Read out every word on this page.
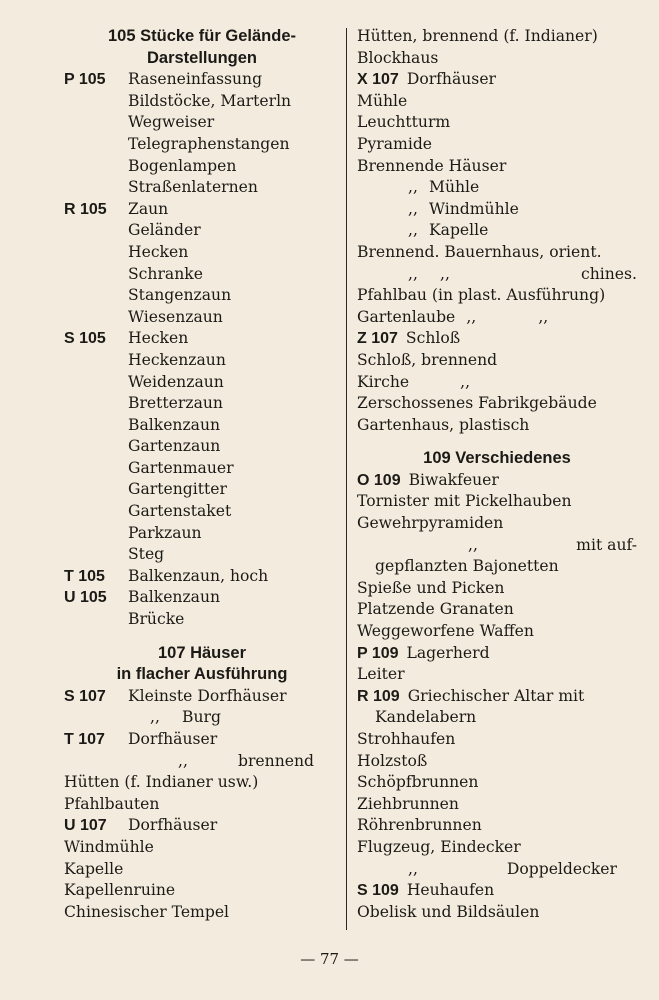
105 Stücke für Gelände-
Darstellungen
P 105 Raseneinfassung
Bildstöcke, Marterln
Wegweiser
Telegraphenstangen
Bogenlampen
Straßenlaternen
R 105 Zaun
Geländer
Hecken
Schranke
Stangenzaun
Wiesenzaun
S 105 Hecken
Heckenzaun
Weidenzaun
Bretterzaun
Balkenzaun
Gartenzaun
Gartenmauer
Gartengitter
Gartenstaket
Parkzaun
Steg
T 105 Balkenzaun, hoch
U 105 Balkenzaun
Brücke
107 Häuser
in flacher Ausführung
S 107 Kleinste Dorfhäuser
,, Burg
T 107 Dorfhäuser
,,	brennend
Hütten (f. Indianer usw.)
Pfahlbauten
U 107 Dorfhäuser
Windmühle
Kapelle
Kapellenruine
Chinesischer Tempel
Hütten, brennend (f. Indianer)
Blockhaus
X 107 Dorfhäuser
Mühle
Leuchtturm
Pyramide
Brennende Häuser
,, Mühle
,, Windmühle
,, Kapelle
Brennend. Bauernhaus, orient.
,, ,,	chines.
Pfahlbau (in plast. Ausführung)
Gartenlaube ,,	,,
Z 107 Schloß
Schloß, brennend
Kirche	,,
Zerschossenes Fabrikgebäude
Gartenhaus, plastisch
109 Verschiedenes
O 109 Biwakfeuer
Tornister mit Pickelhauben
Gewehrpyramiden
,,	mit auf-
gepflanzten Bajonetten
Spieße und Picken
Platzende Granaten
Weggeworfene Waffen
P 109 Lagerherd
Leiter
R 109 Griechischer Altar mit
Kandelabern
Strohhaufen
Holzstoß
Schöpfbrunnen
Ziehbrunnen
Röhrenbrunnen
Flugzeug, Eindecker
,,	Doppeldecker
S 109 Heuhaufen
Obelisk und Bildsäulen
— 77 —
